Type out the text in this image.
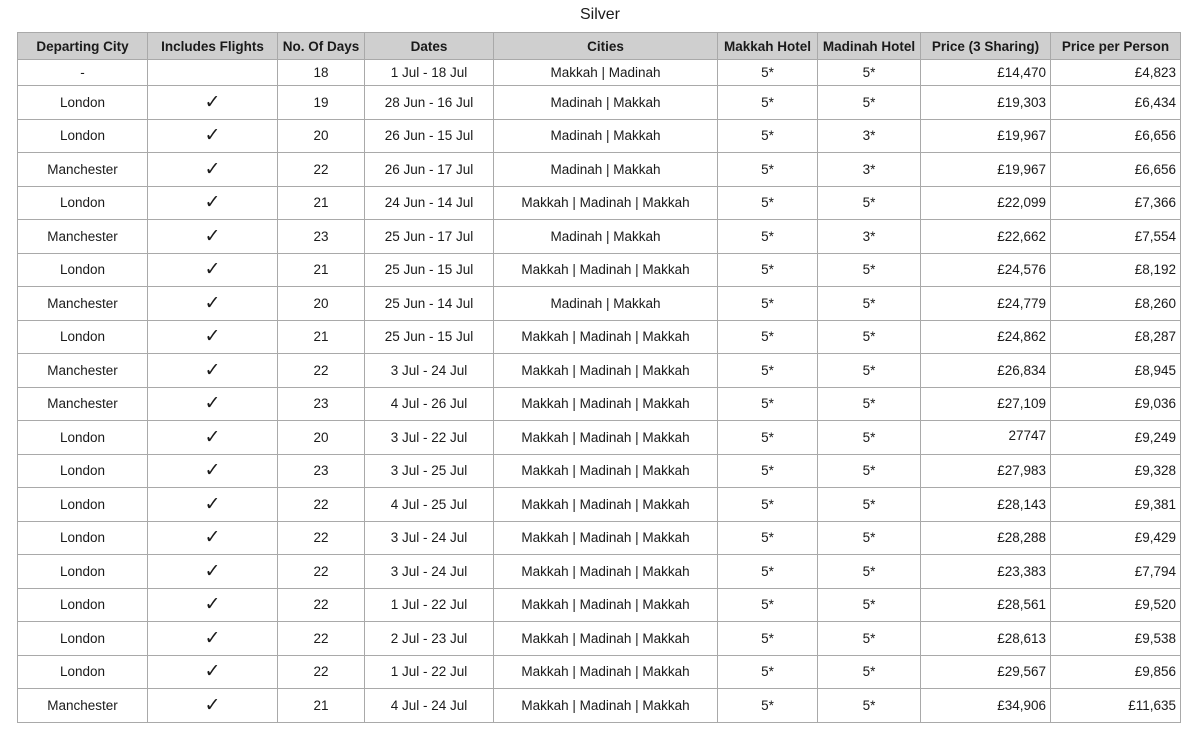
Silver
Departing City	Includes Flights	No. Of Days	Dates	Cities	Makkah Hotel	Madinah Hotel	Price (3 Sharing)	Price per Person
-		18	1 Jul - 18 Jul	Makkah | Madinah	5*	5*	£14,470	£4,823
London	✓	19	28 Jun - 16 Jul	Madinah | Makkah	5*	5*	£19,303	£6,434
London	✓	20	26 Jun - 15 Jul	Madinah | Makkah	5*	3*	£19,967	£6,656
Manchester	✓	22	26 Jun - 17 Jul	Madinah | Makkah	5*	3*	£19,967	£6,656
London	✓	21	24 Jun - 14 Jul	Makkah | Madinah | Makkah	5*	5*	£22,099	£7,366
Manchester	✓	23	25 Jun - 17 Jul	Madinah | Makkah	5*	3*	£22,662	£7,554
London	✓	21	25 Jun - 15 Jul	Makkah | Madinah | Makkah	5*	5*	£24,576	£8,192
Manchester	✓	20	25 Jun - 14 Jul	Madinah | Makkah	5*	5*	£24,779	£8,260
London	✓	21	25 Jun - 15 Jul	Makkah | Madinah | Makkah	5*	5*	£24,862	£8,287
Manchester	✓	22	3 Jul - 24 Jul	Makkah | Madinah | Makkah	5*	5*	£26,834	£8,945
Manchester	✓	23	4 Jul - 26 Jul	Makkah | Madinah | Makkah	5*	5*	£27,109	£9,036
London	✓	20	3 Jul - 22 Jul	Makkah | Madinah | Makkah	5*	5*	27747	£9,249
London	✓	23	3 Jul - 25 Jul	Makkah | Madinah | Makkah	5*	5*	£27,983	£9,328
London	✓	22	4 Jul - 25 Jul	Makkah | Madinah | Makkah	5*	5*	£28,143	£9,381
London	✓	22	3 Jul - 24 Jul	Makkah | Madinah | Makkah	5*	5*	£28,288	£9,429
London	✓	22	3 Jul - 24 Jul	Makkah | Madinah | Makkah	5*	5*	£23,383	£7,794
London	✓	22	1 Jul - 22 Jul	Makkah | Madinah | Makkah	5*	5*	£28,561	£9,520
London	✓	22	2 Jul - 23 Jul	Makkah | Madinah | Makkah	5*	5*	£28,613	£9,538
London	✓	22	1 Jul - 22 Jul	Makkah | Madinah | Makkah	5*	5*	£29,567	£9,856
Manchester	✓	21	4 Jul - 24 Jul	Makkah | Madinah | Makkah	5*	5*	£34,906	£11,635
